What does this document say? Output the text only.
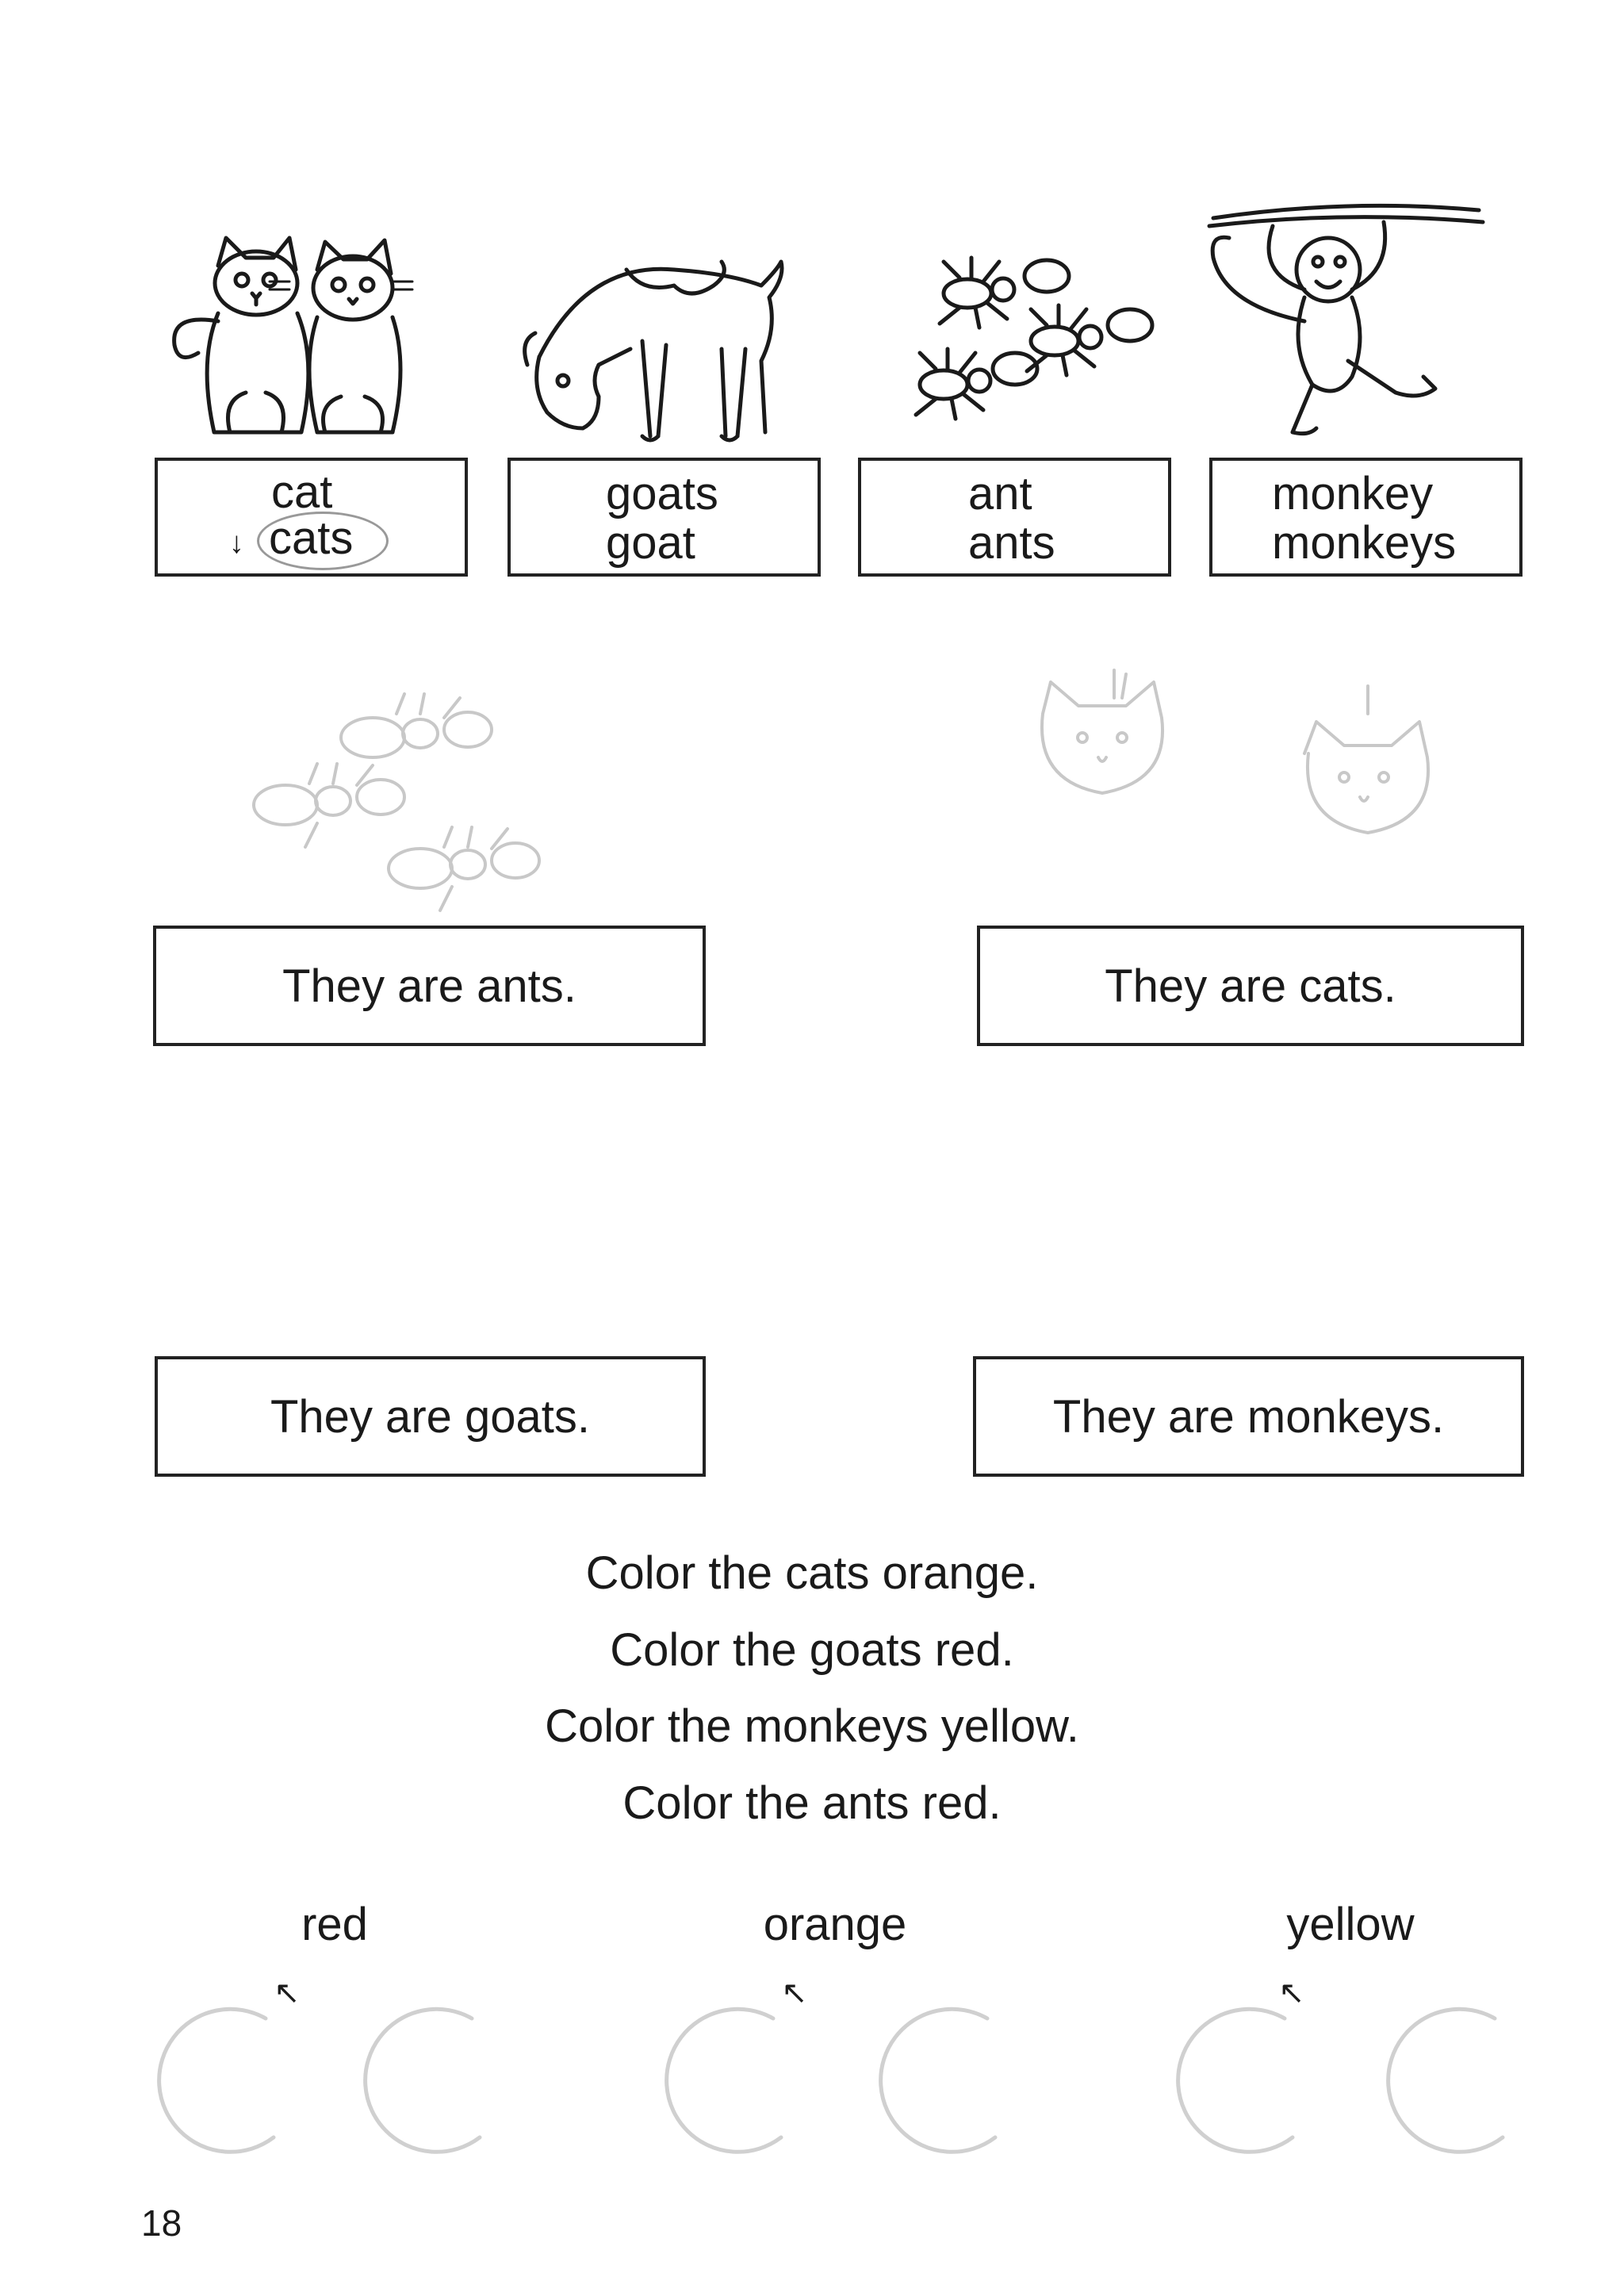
cat
↓ cats
goats
goat
ant
ants
monkey
monkeys
They are ants.	They are cats.
They are goats.	They are monkeys.
Color the cats orange.
Color the goats red.
Color the monkeys yellow.
Color the ants red.
red	orange	yellow
↖	↖	↖
18
